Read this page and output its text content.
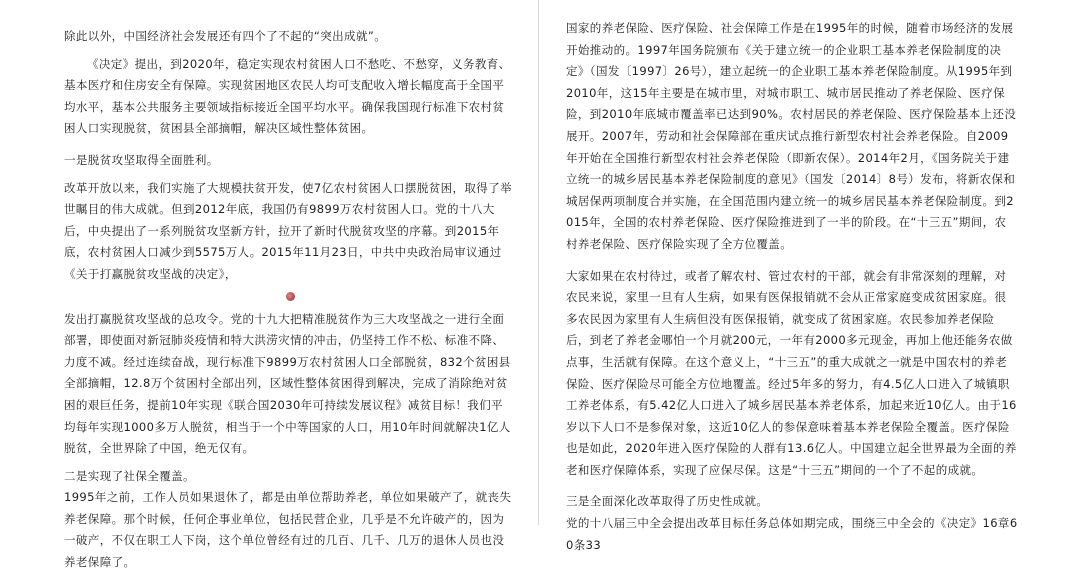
除此以外，中国经济社会发展还有四个了不起的“突出成就”。

《决定》提出，到2020年，稳定实现农村贫困人口不愁吃、不愁穿，义务教育、基本医疗和住房安全有保障。实现贫困地区农民人均可支配收入增长幅度高于全国平均水平，基本公共服务主要领域指标接近全国平均水平。确保我国现行标准下农村贫困人口实现脱贫，贫困县全部摘帽，解决区域性整体贫困。

一是脱贫攻坚取得全面胜利。

改革开放以来，我们实施了大规模扶贫开发，使7亿农村贫困人口摆脱贫困，取得了举世瞩目的伟大成就。但到2012年底，我国仍有9899万农村贫困人口。党的十八大后，中央提出了一系列脱贫攻坚新方针，拉开了新时代脱贫攻坚的序幕。到2015年底，农村贫困人口减少到5575万人。2015年11月23日，中共中央政治局审议通过《关于打赢脱贫攻坚战的决定》，

发出打赢脱贫攻坚战的总攻令。党的十九大把精准脱贫作为三大攻坚战之一进行全面部署，即使面对新冠肺炎疫情和特大洪涝灾情的冲击，仍坚持工作不松、标准不降、力度不减。经过连续奋战，现行标准下9899万农村贫困人口全部脱贫，832个贫困县全部摘帽，12.8万个贫困村全部出列，区域性整体贫困得到解决，完成了消除绝对贫困的艰巨任务，提前10年实现《联合国2030年可持续发展议程》减贫目标！我们平均每年实现1000多万人脱贫，相当于一个中等国家的人口，用10年时间就解决1亿人脱贫，全世界除了中国，绝无仅有。

二是实现了社保全覆盖。

1995年之前，工作人员如果退休了，都是由单位帮助养老，单位如果破产了，就丧失养老保障。那个时候，任何企事业单位，包括民营企业，几乎是不允许破产的，因为一破产，不仅在职工人下岗，这个单位曾经有过的几百、几千、几万的退休人员也没养老保障了。

国家的养老保险、医疗保险、社会保障工作是在1995年的时候，随着市场经济的发展开始推动的。1997年国务院颁布《关于建立统一的企业职工基本养老保险制度的决定》（国发〔1997〕26号），建立起统一的企业职工基本养老保险制度。从1995年到2010年，这15年主要是在城市里，对城市职工、城市居民推动了养老保险、医疗保险，到2010年底城市覆盖率已达到90%。农村居民的养老保险、医疗保险基本上还没展开。2007年，劳动和社会保障部在重庆试点推行新型农村社会养老保险。自2009年开始在全国推行新型农村社会养老保险（即新农保）。2014年2月，《国务院关于建立统一的城乡居民基本养老保险制度的意见》（国发〔2014〕8号）发布，将新农保和城居保两项制度合并实施，在全国范围内建立统一的城乡居民基本养老保险制度。到2015年，全国的农村养老保险、医疗保险推进到了一半的阶段。在“十三五”期间，农村养老保险、医疗保险实现了全方位覆盖。

大家如果在农村待过，或者了解农村、管过农村的干部，就会有非常深刻的理解，对农民来说，家里一旦有人生病，如果有医保报销就不会从正常家庭变成贫困家庭。很多农民因为家里有人生病但没有医保报销，就变成了贫困家庭。农民参加养老保险后，到老了养老金哪怕一个月就200元，一年有2000多元现金，再加上他还能务农做点事，生活就有保障。在这个意义上，“十三五”的重大成就之一就是中国农村的养老保险、医疗保险尽可能全方位地覆盖。经过5年多的努力，有4.5亿人口进入了城镇职工养老体系，有5.42亿人口进入了城乡居民基本养老体系，加起来近10亿人。由于16岁以下人口不是参保对象，这近10亿人的参保意味着基本养老保险全覆盖。医疗保险也是如此，2020年进入医疗保险的人群有13.6亿人。中国建立起全世界最为全面的养老和医疗保障体系，实现了应保尽保。这是“十三五”期间的一个了不起的成就。

三是全面深化改革取得了历史性成就。

党的十八届三中全会提出改革目标任务总体如期完成，围绕三中全会的《决定》16章60条33
